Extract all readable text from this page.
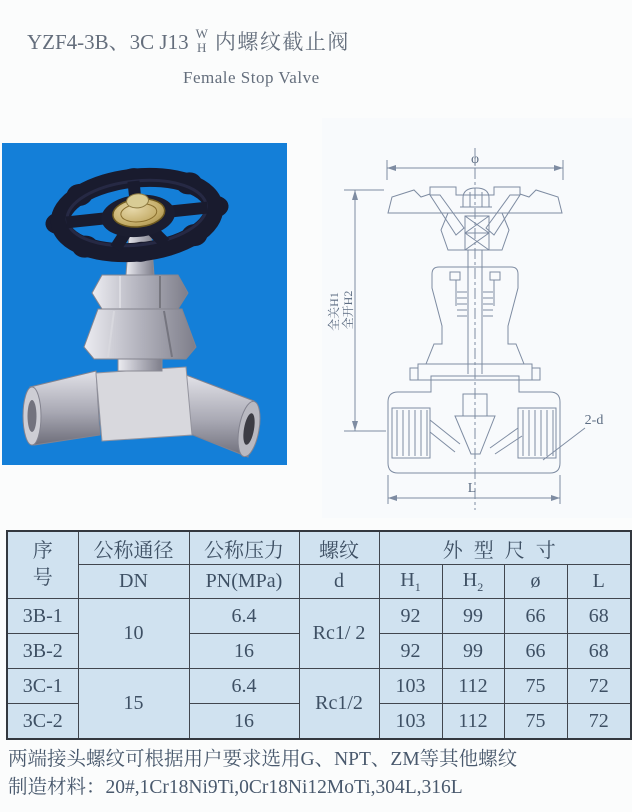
YZF4-3B、3C J13 W
H 内螺纹截止阀
Female Stop Valve
φ
全关H1 全开H2
2-d
L
序
号	公称通径	公称压力	螺纹	外型尺寸			
	DN	PN(MPa)	d	$H_1$	$H_2$	ø	L
3B-1	10	6.4	Rc1/ 2	92	99	66	68
3B-2		16		92	99	66	68
3C-1	15	6.4	Rc1/2	103	112	75	72
3C-2		16		103	112	75	72
两端接头螺纹可根据用户要求选用G、NPT、ZM等其他螺纹
制造材料：20#,1Cr18Ni9Ti,0Cr18Ni12MoTi,304L,316L
